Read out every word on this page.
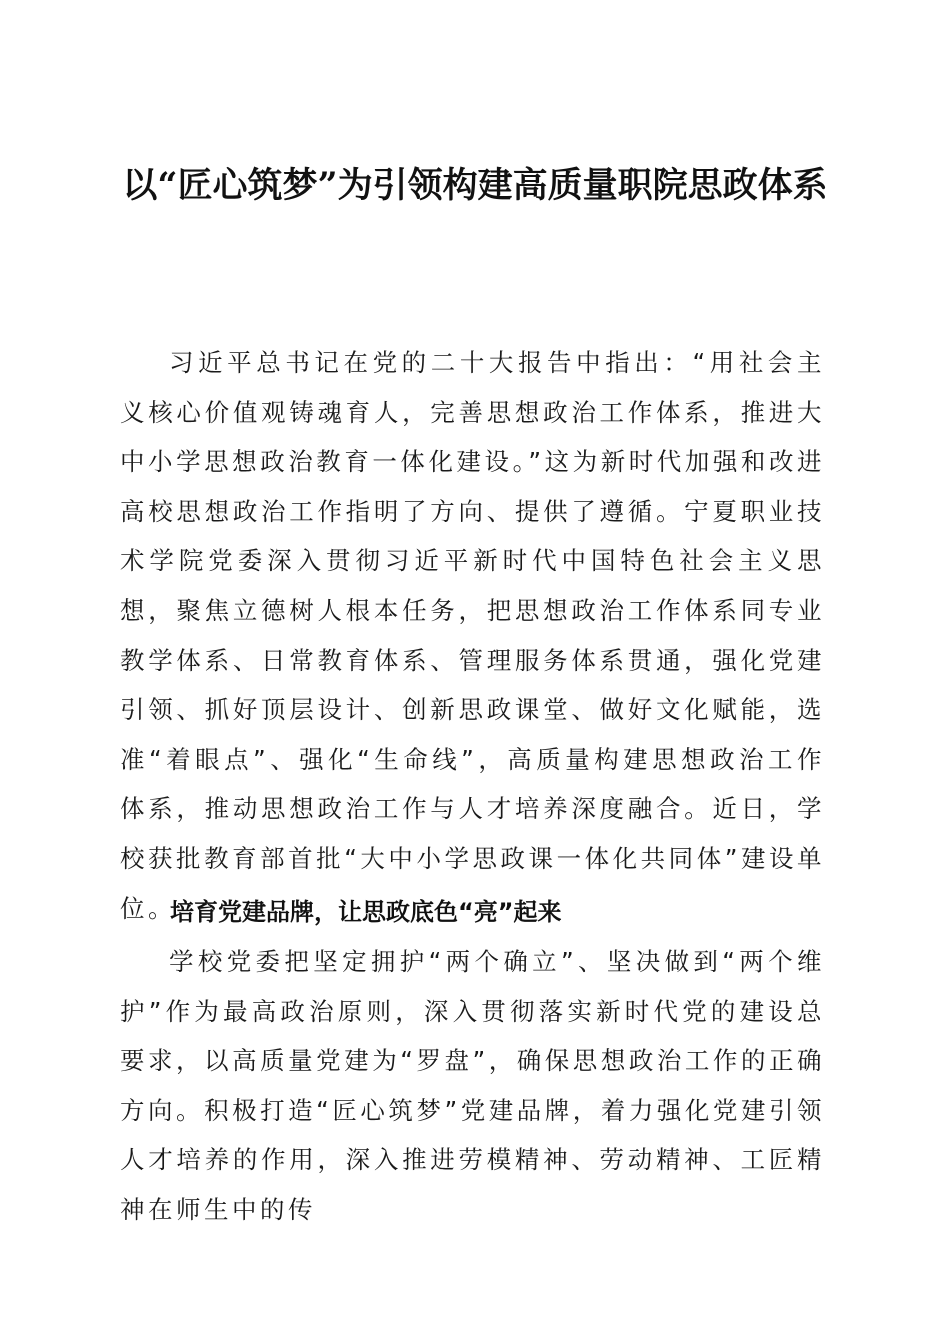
以“匠心筑梦”为引领构建高质量职院思政体系

习近平总书记在党的二十大报告中指出：“用社会主义核心价值观铸魂育人，完善思想政治工作体系，推进大中小学思想政治教育一体化建设。”这为新时代加强和改进高校思想政治工作指明了方向、提供了遵循。宁夏职业技术学院党委深入贯彻习近平新时代中国特色社会主义思想，聚焦立德树人根本任务，把思想政治工作体系同专业教学体系、日常教育体系、管理服务体系贯通，强化党建引领、抓好顶层设计、创新思政课堂、做好文化赋能，选准“着眼点”、强化“生命线”，高质量构建思想政治工作体系，推动思想政治工作与人才培养深度融合。近日，学校获批教育部首批“大中小学思政课一体化共同体”建设单位。

培育党建品牌，让思政底色“亮”起来

学校党委把坚定拥护“两个确立”、坚决做到“两个维护”作为最高政治原则，深入贯彻落实新时代党的建设总要求，以高质量党建为“罗盘”，确保思想政治工作的正确方向。积极打造“匠心筑梦”党建品牌，着力强化党建引领人才培养的作用，深入推进劳模精神、劳动精神、工匠精神在师生中的传
